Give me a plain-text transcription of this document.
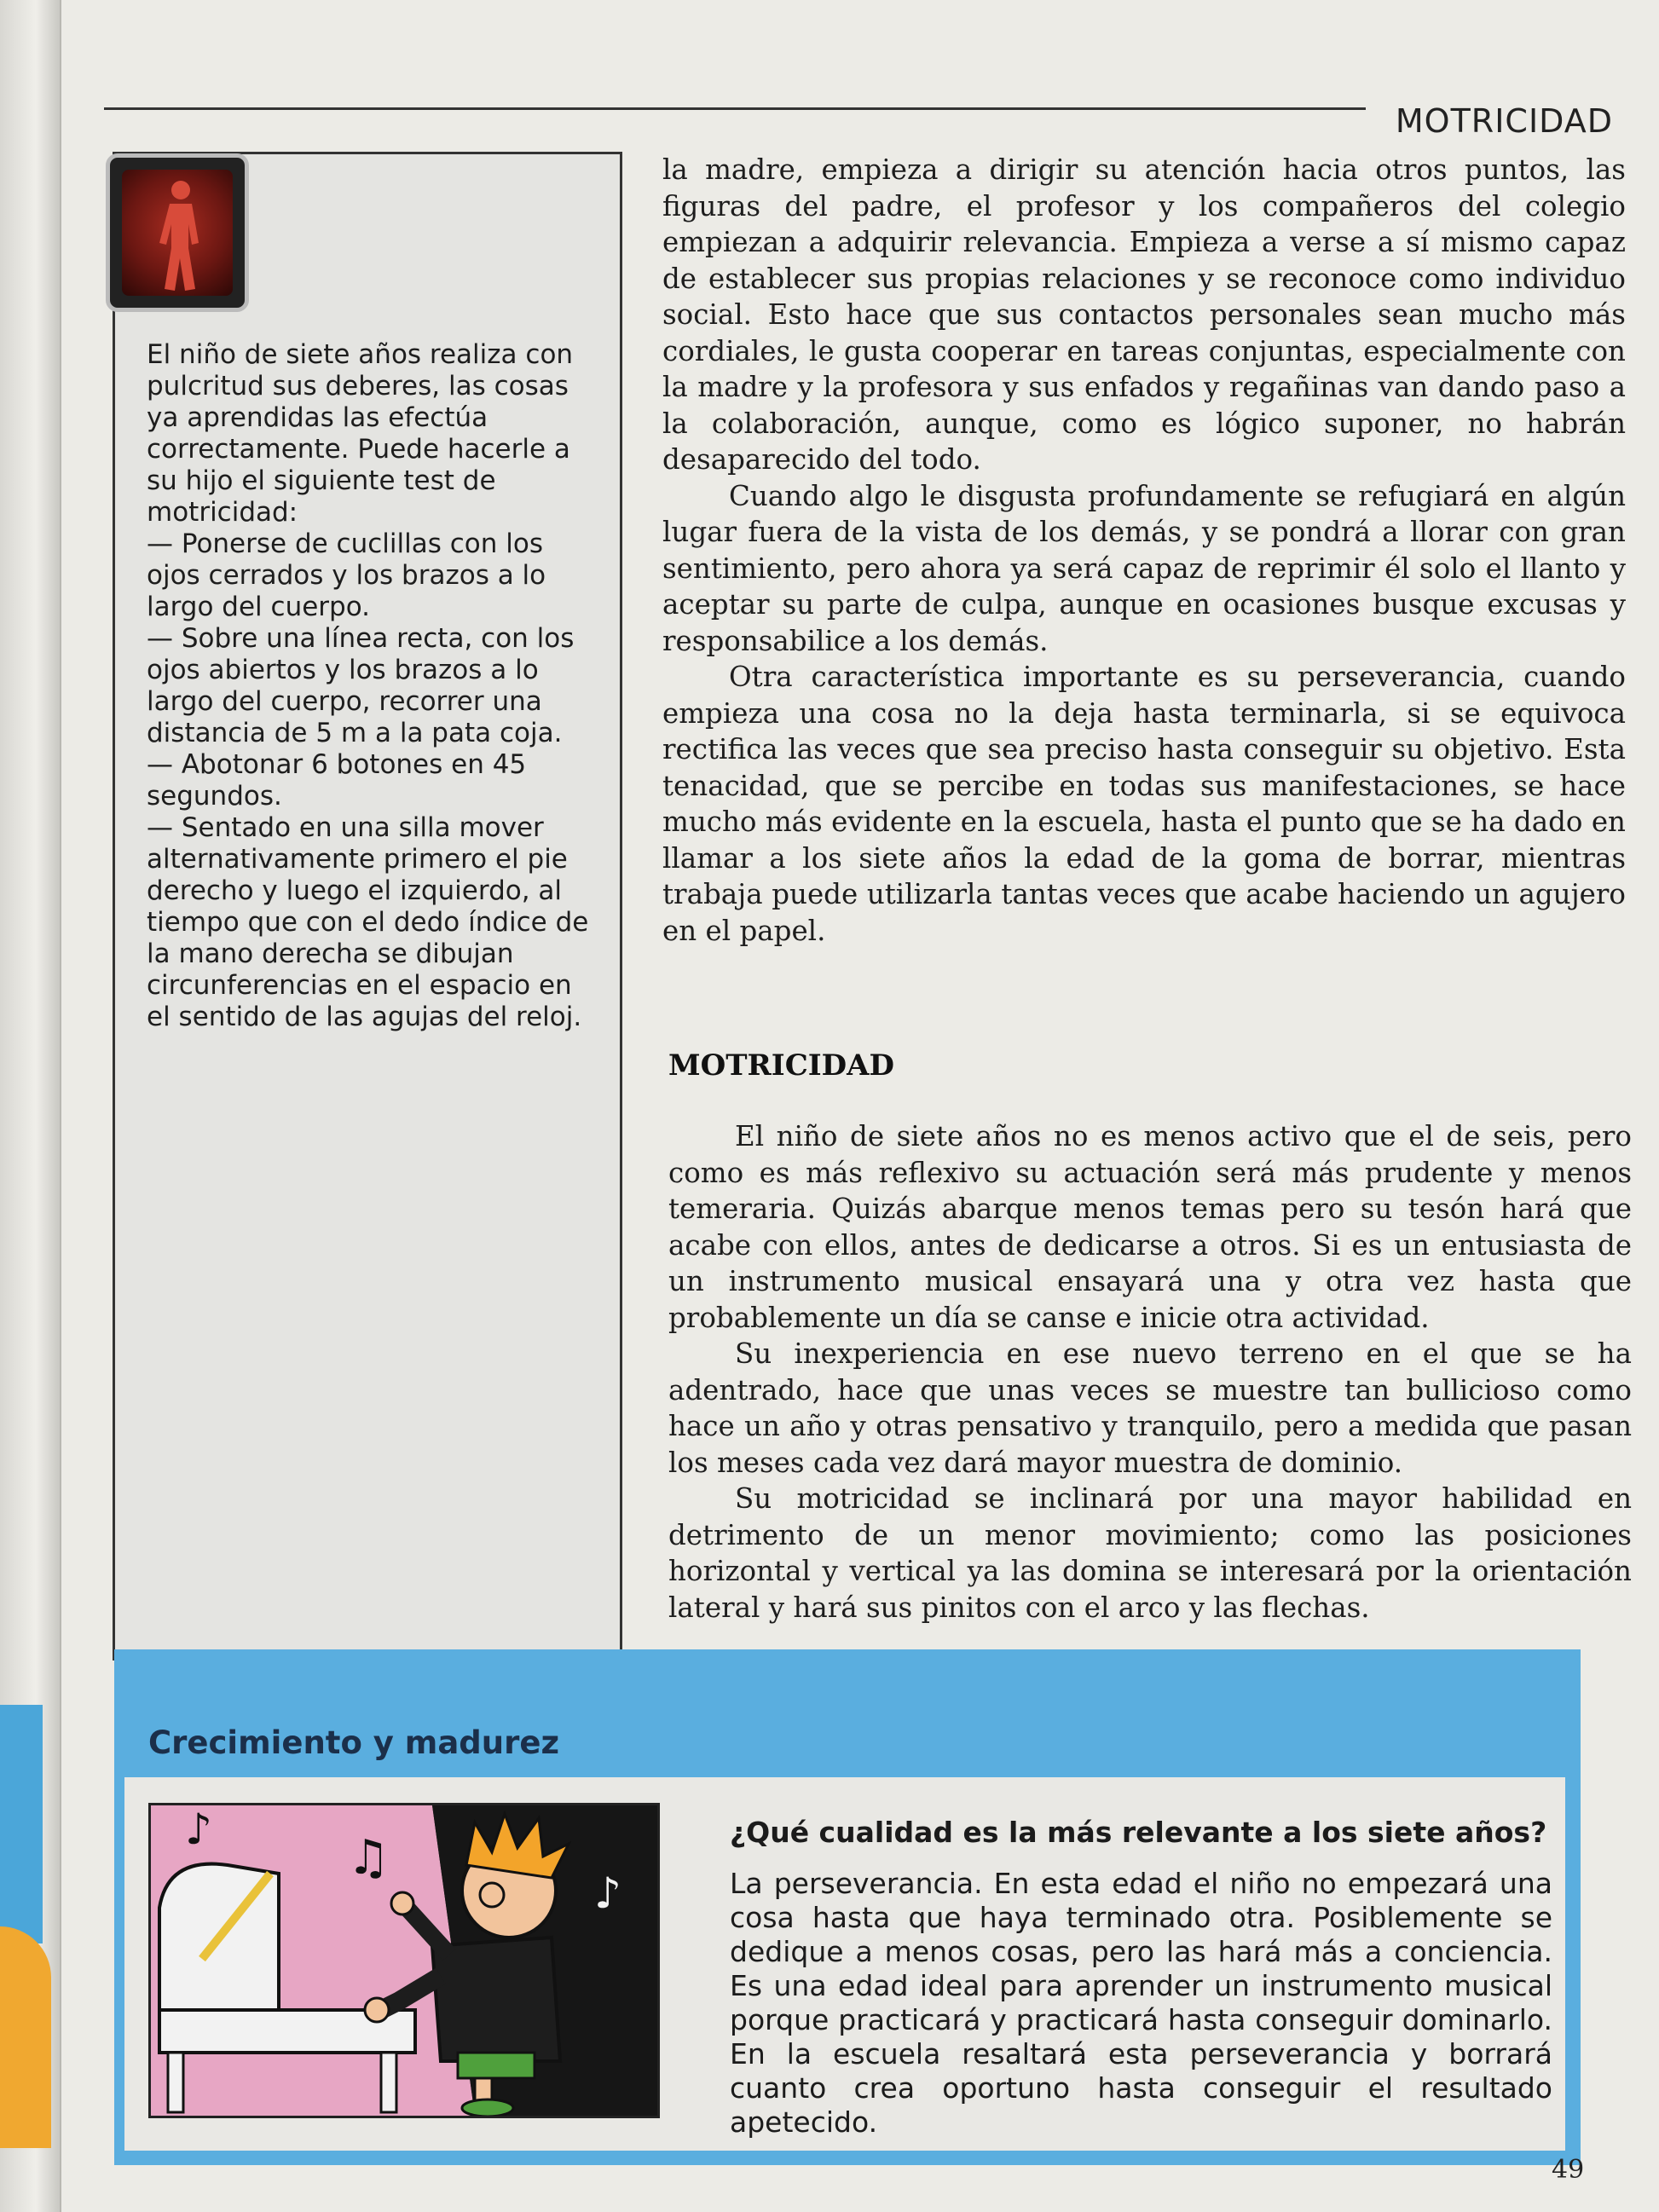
MOTRICIDAD

El niño de siete años realiza con pulcritud sus deberes, las cosas ya aprendidas las efectúa correctamente. Puede hacerle a su hijo el siguiente test de motricidad:

— Ponerse de cuclillas con los ojos cerrados y los brazos a lo largo del cuerpo.

— Sobre una línea recta, con los ojos abiertos y los brazos a lo largo del cuerpo, recorrer una distancia de 5 m a la pata coja.

— Abotonar 6 botones en 45 segundos.

— Sentado en una silla mover alternativamente primero el pie derecho y luego el izquierdo, al tiempo que con el dedo índice de la mano derecha se dibujan circunferencias en el espacio en el sentido de las agujas del reloj.

la madre, empieza a dirigir su atención hacia otros puntos, las figuras del padre, el profesor y los compañeros del colegio empiezan a adquirir relevancia. Empieza a verse a sí mismo capaz de establecer sus propias relaciones y se reconoce como individuo social. Esto hace que sus contactos personales sean mucho más cordiales, le gusta cooperar en tareas conjuntas, especialmente con la madre y la profesora y sus enfados y regañinas van dando paso a la colaboración, aunque, como es lógico suponer, no habrán desaparecido del todo.

Cuando algo le disgusta profundamente se refugiará en algún lugar fuera de la vista de los demás, y se pondrá a llorar con gran sentimiento, pero ahora ya será capaz de reprimir él solo el llanto y aceptar su parte de culpa, aunque en ocasiones busque excusas y responsabilice a los demás.

Otra característica importante es su perseverancia, cuando empieza una cosa no la deja hasta terminarla, si se equivoca rectifica las veces que sea preciso hasta conseguir su objetivo. Esta tenacidad, que se percibe en todas sus manifestaciones, se hace mucho más evidente en la escuela, hasta el punto que se ha dado en llamar a los siete años la edad de la goma de borrar, mientras trabaja puede utilizarla tantas veces que acabe haciendo un agujero en el papel.

MOTRICIDAD

El niño de siete años no es menos activo que el de seis, pero como es más reflexivo su actuación será más prudente y menos temeraria. Quizás abarque menos temas pero su tesón hará que acabe con ellos, antes de dedicarse a otros. Si es un entusiasta de un instrumento musical ensayará una y otra vez hasta que probablemente un día se canse e inicie otra actividad.

Su inexperiencia en ese nuevo terreno en el que se ha adentrado, hace que unas veces se muestre tan bullicioso como hace un año y otras pensativo y tranquilo, pero a medida que pasan los meses cada vez dará mayor muestra de dominio.

Su motricidad se inclinará por una mayor habilidad en detrimento de un menor movimiento; como las posiciones horizontal y vertical ya las domina se interesará por la orientación lateral y hará sus pinitos con el arco y las flechas.

Crecimiento y madurez
♪
♫
♪
¿Qué cualidad es la más relevante a los siete años?
La perseverancia. En esta edad el niño no empezará una cosa hasta que haya terminado otra. Posiblemente se dedique a menos cosas, pero las hará más a conciencia. Es una edad ideal para aprender un instrumento musical porque practicará y practicará hasta conseguir dominarlo. En la escuela resaltará esta perseverancia y borrará cuanto crea oportuno hasta conseguir el resultado apetecido.
49
